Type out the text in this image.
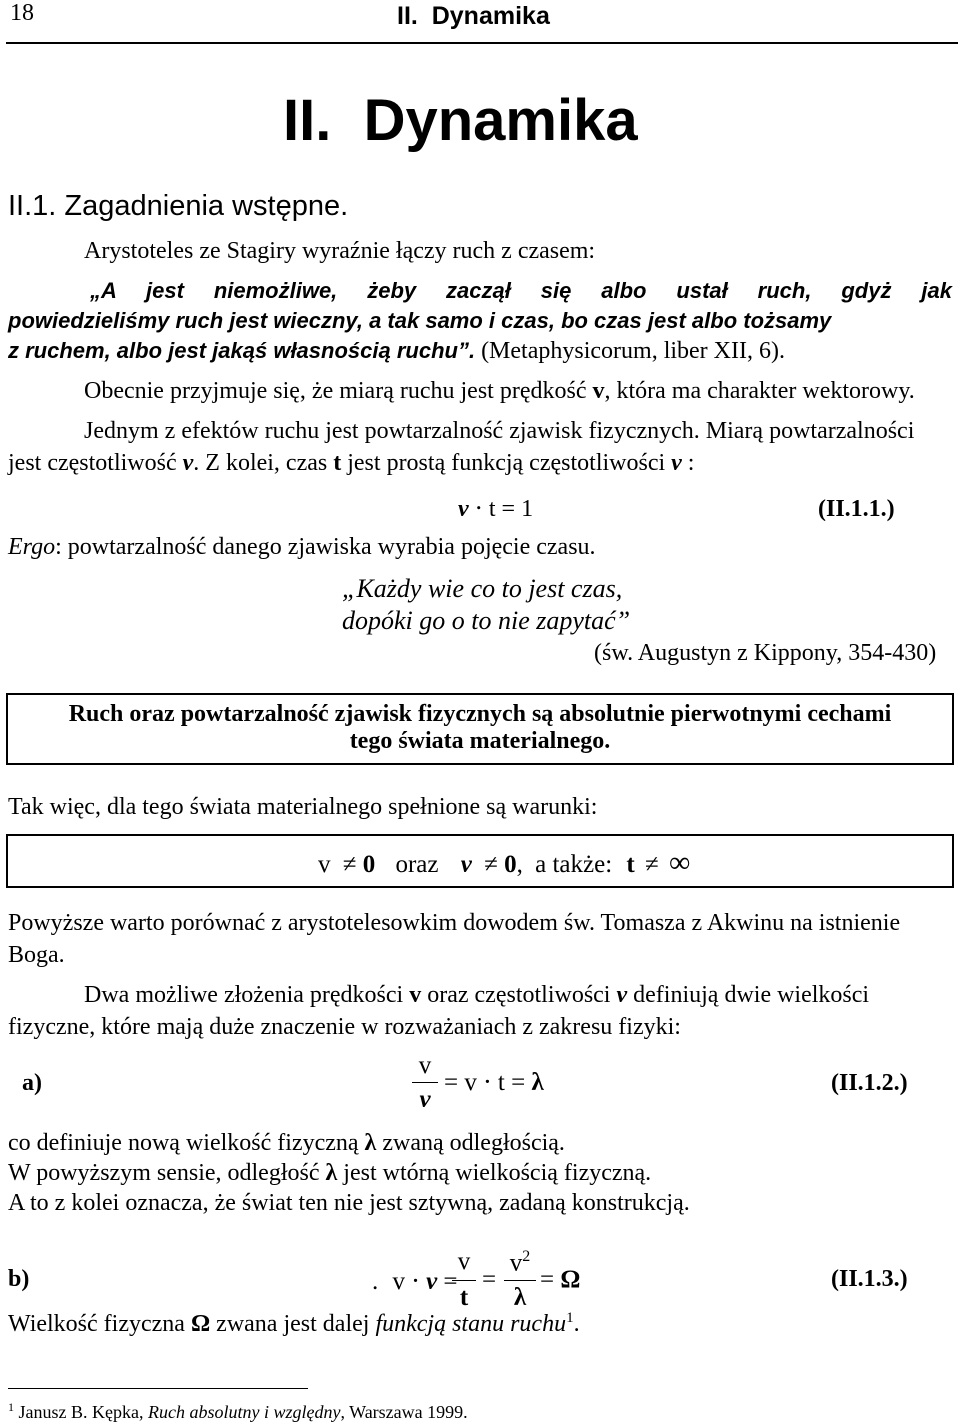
18	II.  Dynamika
II.  Dynamika
II.1. Zagadnienia wstępne.
Arystoteles ze Stagiry wyraźnie łączy ruch z czasem:
„A jest niemożliwe, żeby zaczął się albo ustał ruch, gdyż jak
powiedzieliśmy ruch jest wieczny, a tak samo i czas, bo czas jest albo tożsamy
z ruchem, albo jest jakąś własnością ruchu”. (Metaphysicorum, liber XII, 6).
Obecnie przyjmuje się, że miarą ruchu jest prędkość v, która ma charakter wektorowy.
Jednym z efektów ruchu jest powtarzalność zjawisk fizycznych. Miarą powtarzalności
jest częstotliwość ν. Z kolei, czas t jest prostą funkcją częstotliwości ν :
ν ⋅ t = 1	(II.1.1.)
Ergo: powtarzalność danego zjawiska wyrabia pojęcie czasu.
„Każdy wie co to jest czas,
dopóki go o to nie zapytać”
(św. Augustyn z Kippony, 354-430)
Ruch oraz powtarzalność zjawisk fizycznych są absolutnie pierwotnymi cechami
tego świata materialnego.
Tak więc, dla tego świata materialnego spełnione są warunki:
v ≠ 0 oraz ν ≠ 0, a także: t ≠ ∞
Powyższe warto porównać z arystotelesowkim dowodem św. Tomasza z Akwinu na istnienie
Boga.
Dwa możliwe złożenia prędkości v oraz częstotliwości ν definiują dwie wielkości
fizyczne, które mają duże znaczenie w rozważaniach z zakresu fizyki:
a)
v
ν
= v ⋅ t = λ	(II.1.2.)
co definiuje nową wielkość fizyczną λ zwaną odległością.
W powyższym sensie, odległość λ jest wtórną wielkością fizyczną.
A to z kolei oznacza, że świat ten nie jest sztywną, zadaną konstrukcją.
b)	. v ⋅ ν =
v
t
=
$v^2$
λ
= Ω	(II.1.3.)
Wielkość fizyczna Ω zwana jest dalej funkcją stanu ruchu$^1$.
$^1$ Janusz B. Kępka, Ruch absolutny i względny, Warszawa 1999.
